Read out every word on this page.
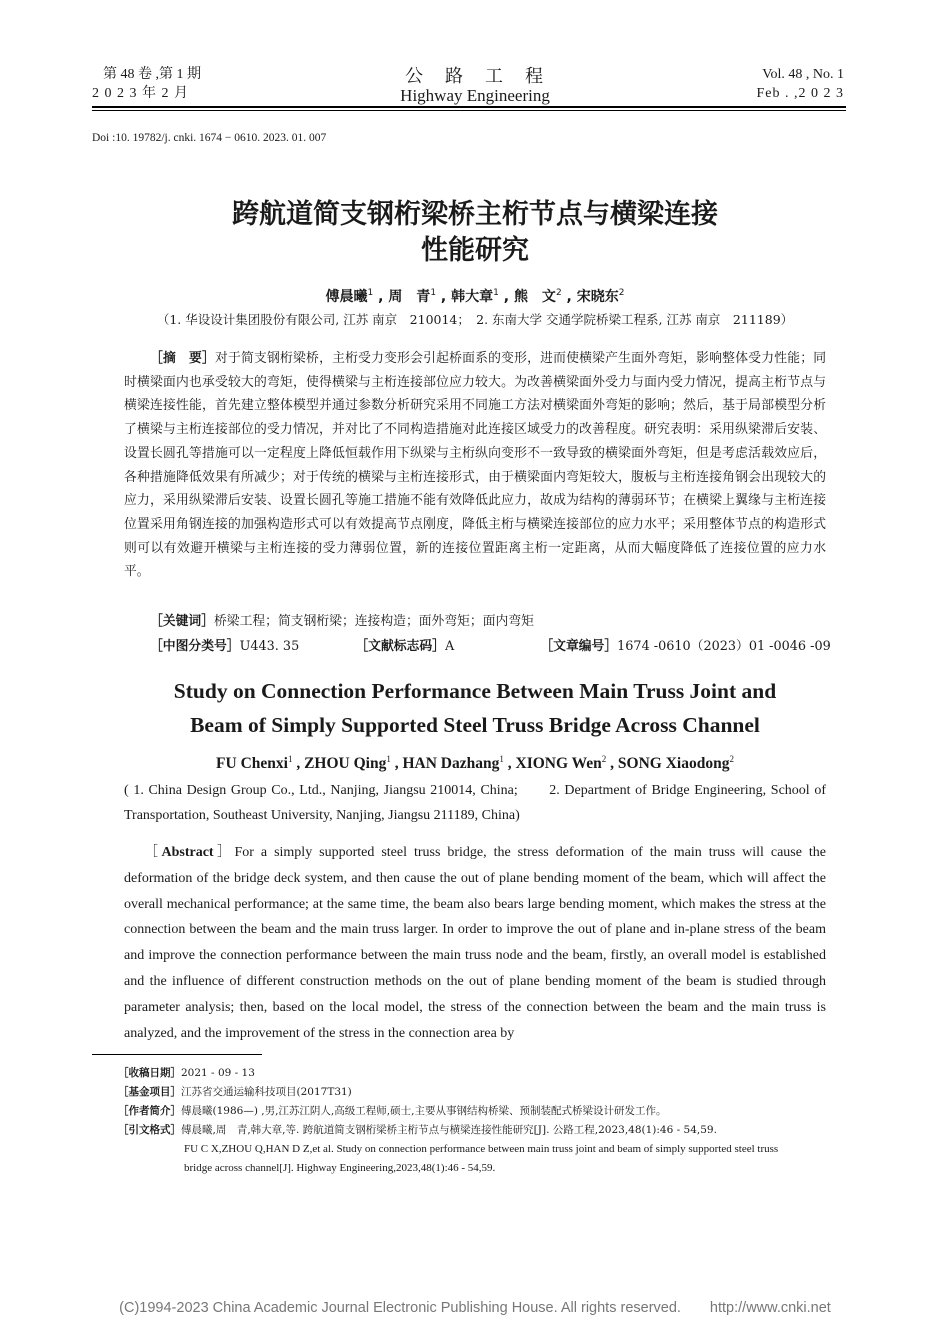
第 48 卷 ,第 1 期
2 0 2 3 年 2 月
公　路　工　程
Highway Engineering
Vol. 48 , No. 1
Feb . ,2 0 2 3
Doi :10. 19782/j. cnki. 1674 − 0610. 2023. 01. 007
跨航道简支钢桁梁桥主桁节点与横梁连接
性能研究
傅晨曦$^1$ , 周　青$^1$ , 韩大章$^1$ , 熊　文$^2$ , 宋晓东$^2$
（1. 华设设计集团股份有限公司, 江苏 南京　210014；　2. 东南大学 交通学院桥梁工程系, 江苏 南京　211189）
［摘　要］对于简支钢桁梁桥，主桁受力变形会引起桥面系的变形，进而使横梁产生面外弯矩，影响整体受力性能；同时横梁面内也承受较大的弯矩，使得横梁与主桁连接部位应力较大。为改善横梁面外受力与面内受力情况，提高主桁节点与横梁连接性能，首先建立整体模型并通过参数分析研究采用不同施工方法对横梁面外弯矩的影响；然后，基于局部模型分析了横梁与主桁连接部位的受力情况，并对比了不同构造措施对此连接区域受力的改善程度。研究表明：采用纵梁滞后安装、设置长圆孔等措施可以一定程度上降低恒载作用下纵梁与主桁纵向变形不一致导致的横梁面外弯矩，但是考虑活载效应后，各种措施降低效果有所减少；对于传统的横梁与主桁连接形式，由于横梁面内弯矩较大，腹板与主桁连接角钢会出现较大的应力，采用纵梁滞后安装、设置长圆孔等施工措施不能有效降低此应力，故成为结构的薄弱环节；在横梁上翼缘与主桁连接位置采用角钢连接的加强构造形式可以有效提高节点刚度，降低主桁与横梁连接部位的应力水平；采用整体节点的构造形式则可以有效避开横梁与主桁连接的受力薄弱位置，新的连接位置距离主桁一定距离，从而大幅度降低了连接位置的应力水平。
［关键词］桥梁工程；简支钢桁梁；连接构造；面外弯矩；面内弯矩
［中图分类号］U443. 35	［文献标志码］A	［文章编号］1674 -0610（2023）01 -0046 -09
Study on Connection Performance Between Main Truss Joint and
Beam of Simply Supported Steel Truss Bridge Across Channel
FU Chenxi$^1$ , ZHOU Qing$^1$ , HAN Dazhang$^1$ , XIONG Wen$^2$ , SONG Xiaodong$^2$
( 1. China Design Group Co., Ltd., Nanjing, Jiangsu 210014, China;　　2. Department of Bridge Engineering, School of Transportation, Southeast University, Nanjing, Jiangsu 211189, China)
［Abstract］For a simply supported steel truss bridge, the stress deformation of the main truss will cause the deformation of the bridge deck system, and then cause the out of plane bending moment of the beam, which will affect the overall mechanical performance; at the same time, the beam also bears large bending moment, which makes the stress at the connection between the beam and the main truss larger. In order to improve the out of plane and in-plane stress of the beam and improve the connection performance between the main truss node and the beam, firstly, an overall model is established and the influence of different construction methods on the out of plane bending moment of the beam is studied through parameter analysis; then, based on the local model, the stress of the connection between the beam and the main truss is analyzed, and the improvement of the stress in the connection area by
［收稿日期］2021 - 09 - 13
［基金项目］江苏省交通运输科技项目(2017T31)
［作者简介］傅晨曦(1986—) ,男,江苏江阴人,高级工程师,硕士,主要从事钢结构桥梁、预制装配式桥梁设计研发工作。
［引文格式］傅晨曦,周　青,韩大章,等. 跨航道简支钢桁梁桥主桁节点与横梁连接性能研究[J]. 公路工程,2023,48(1):46 - 54,59.
FU C X,ZHOU Q,HAN D Z,et al. Study on connection performance between main truss joint and beam of simply supported steel truss
bridge across channel[J]. Highway Engineering,2023,48(1):46 - 54,59.
(C)1994-2023 China Academic Journal Electronic Publishing House. All rights reserved.　　http://www.cnki.net
